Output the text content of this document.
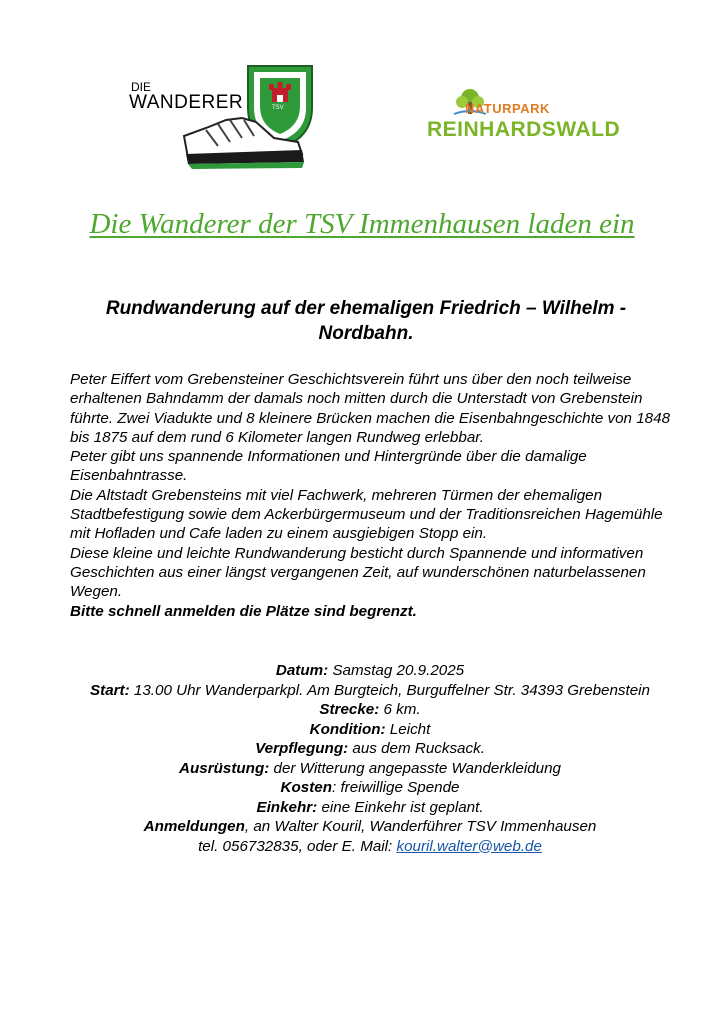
DIE
WANDERER	TSV	NATURPARK
REINHARDSWALD
Die Wanderer der TSV Immenhausen laden ein
Rundwanderung auf der ehemaligen Friedrich – Wilhelm - Nordbahn.

Peter Eiffert vom Grebensteiner Geschichtsverein führt uns über den noch teilweise erhaltenen Bahndamm der damals noch mitten durch die Unterstadt von Grebenstein führte. Zwei Viadukte und 8 kleinere Brücken machen die Eisenbahngeschichte von 1848 bis 1875 auf dem rund 6 Kilometer langen Rundweg erlebbar.

Peter gibt uns spannende Informationen und Hintergründe über die damalige Eisenbahntrasse.

Die Altstadt Grebensteins mit viel Fachwerk, mehreren Türmen der ehemaligen Stadtbefestigung sowie dem Ackerbürgermuseum und der Traditionsreichen Hagemühle mit Hofladen und Cafe laden zu einem ausgiebigen Stopp ein.

Diese kleine und leichte Rundwanderung besticht durch Spannende und informativen Geschichten aus einer längst vergangenen Zeit, auf wunderschönen naturbelassenen Wegen.

Bitte schnell anmelden die Plätze sind begrenzt.

Datum: Samstag 20.9.2025

Start: 13.00 Uhr Wanderparkpl. Am Burgteich, Burguffelner Str. 34393 Grebenstein

Strecke: 6 km.

Kondition: Leicht

Verpflegung: aus dem Rucksack.

Ausrüstung: der Witterung angepasste Wanderkleidung

Kosten: freiwillige Spende

Einkehr: eine Einkehr ist geplant.

Anmeldungen, an Walter Kouril, Wanderführer TSV Immenhausen

tel. 056732835, oder E. Mail: kouril.walter@web.de
